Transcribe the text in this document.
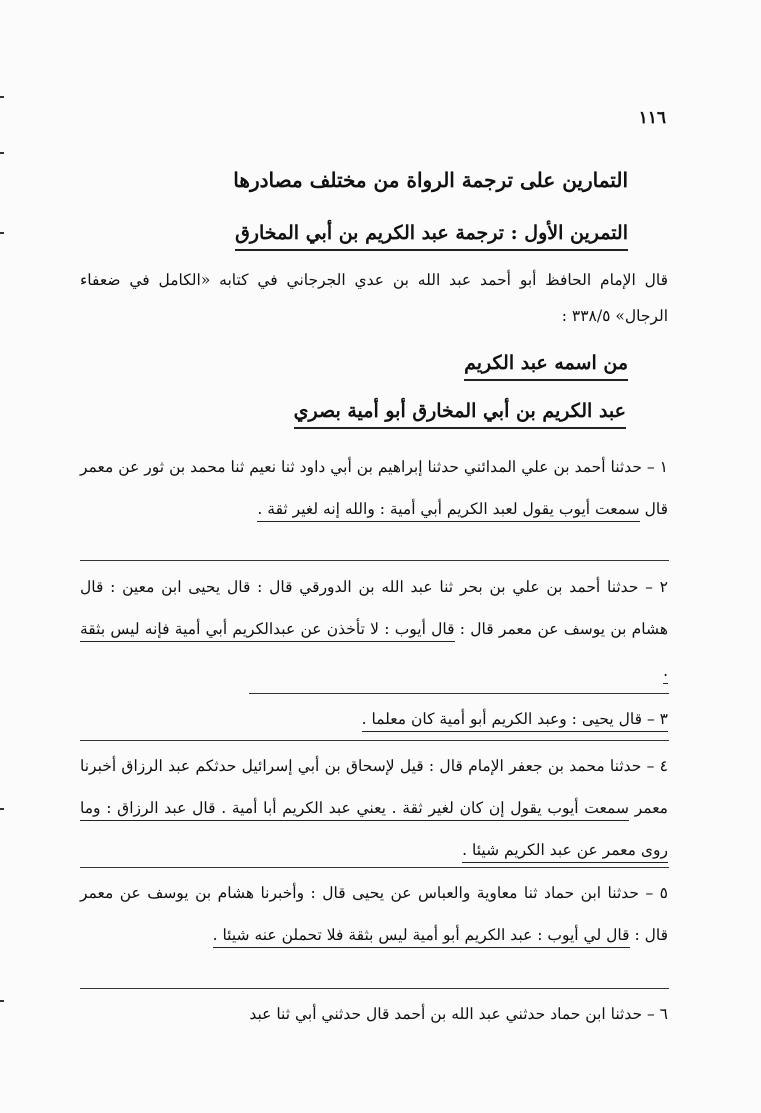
١١٦
التمارين على ترجمة الرواة من مختلف مصادرها
التمرين الأول : ترجمة عبد الكريم بن أبي المخارق
قال الإمام الحافظ أبو أحمد عبد الله بن عدي الجرجاني في كتابه «الكامل في ضعفاء الرجال» ٣٣٨/٥ :
من اسمه عبد الكريم
عبد الكريم بن أبي المخارق أبو أمية بصري
١ – حدثنا أحمد بن علي المدائني حدثنا إبراهيم بن أبي داود ثنا نعيم ثنا محمد بن ثور عن معمر قال سمعت أيوب يقول لعبد الكريم أبي أمية : والله إنه لغير ثقة .
٢ – حدثنا أحمد بن علي بن بحر ثنا عبد الله بن الدورقي قال : قال يحيى ابن معين : قال هشام بن يوسف عن معمر قال : قال أيوب : لا تأخذن عن عبدالكريم أبي أمية فإنه ليس بثقة .
٣ – قال يحيى : وعبد الكريم أبو أمية كان معلما .
٤ – حدثنا محمد بن جعفر الإمام قال : قيل لإسحاق بن أبي إسرائيل حدثكم عبد الرزاق أخبرنا معمر سمعت أيوب يقول إن كان لغير ثقة . يعني عبد الكريم أبا أمية . قال عبد الرزاق : وما روى معمر عن عبد الكريم شيئا .
٥ – حدثنا ابن حماد ثنا معاوية والعباس عن يحيى قال : وأخبرنا هشام بن يوسف عن معمر قال : قال لي أيوب : عبد الكريم أبو أمية ليس بثقة فلا تحملن عنه شيئا .
٦ – حدثنا ابن حماد حدثني عبد الله بن أحمد قال حدثني أبي ثنا عبد
